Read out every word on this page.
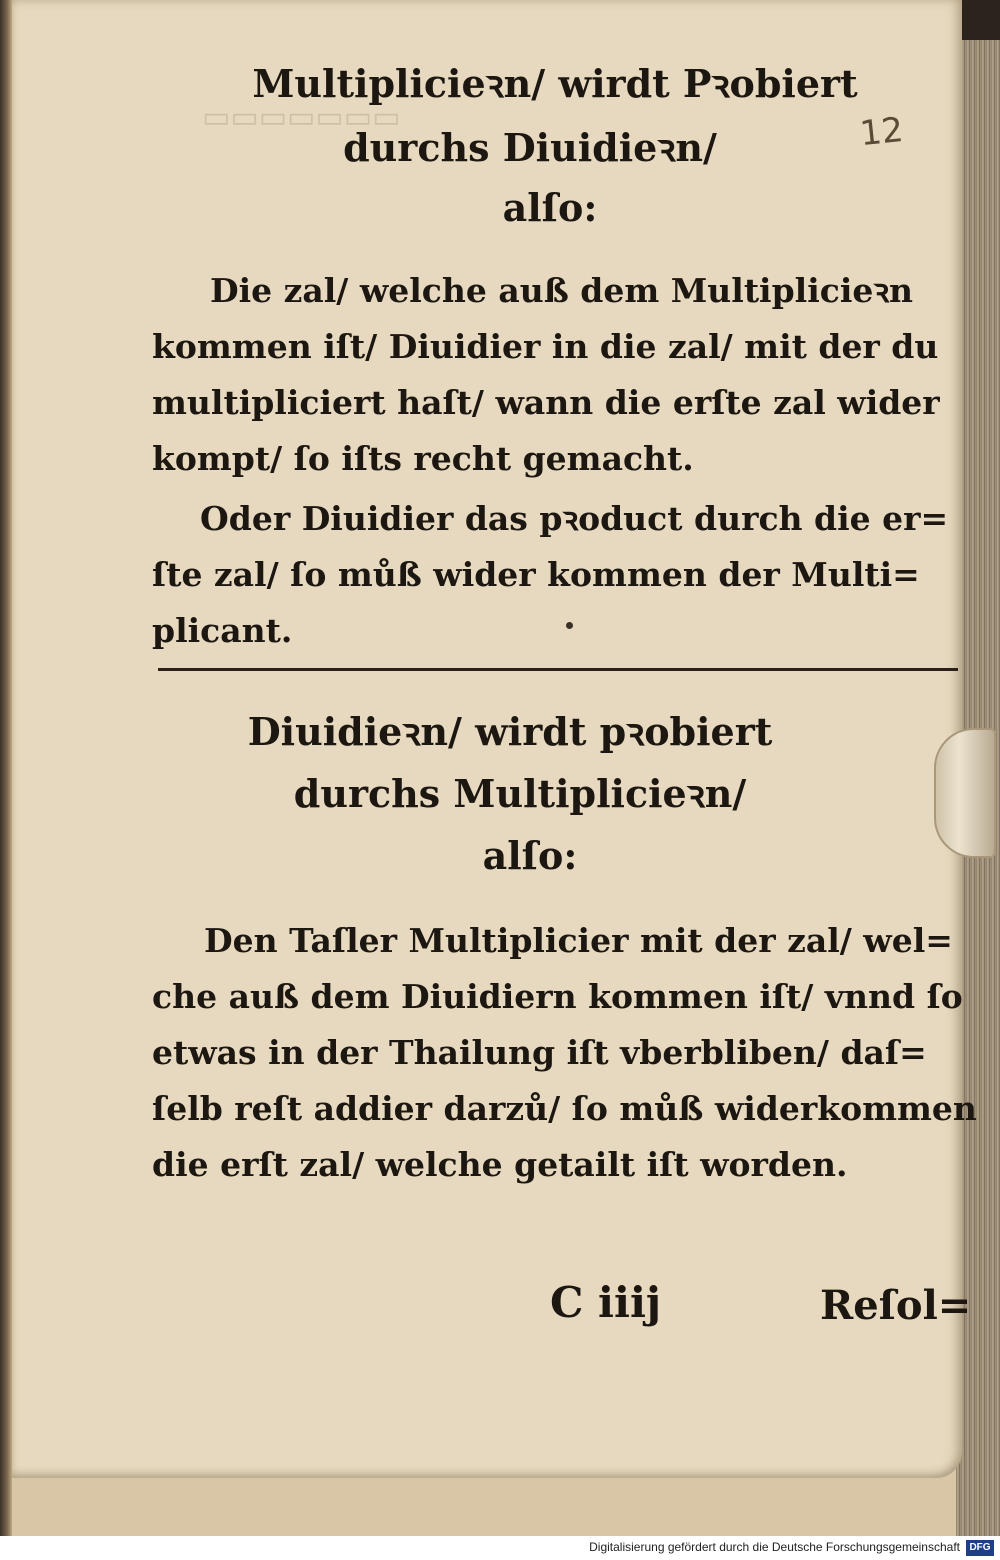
▭▭▭▭▭▭▭	12
Multiplicieꝛn/ wirdt Pꝛobiert
durchs Diuidieꝛn/
alſo:
Die zal/ welche auß dem Multiplicieꝛn
kommen iſt/ Diuidier in die zal/ mit der du
multipliciert haſt/ wann die erſte zal wider
kompt/ ſo iſts recht gemacht.
Oder Diuidier das pꝛoduct durch die er=
ſte zal/ ſo můß wider kommen der Multi=
plicant.
Diuidieꝛn/ wirdt pꝛobiert
durchs Multiplicieꝛn/
alſo:
Den Taſler Multiplicier mit der zal/ wel=
che auß dem Diuidiern kommen iſt/ vnnd ſo
etwas in der Thailung iſt vberbliben/ daſ=
ſelb reſt addier darzů/ ſo můß widerkommen
die erſt zal/ welche getailt iſt worden.
C iiij	Reſol=
Digitalisierung gefördert durch die Deutsche Forschungsgemeinschaft DFG
